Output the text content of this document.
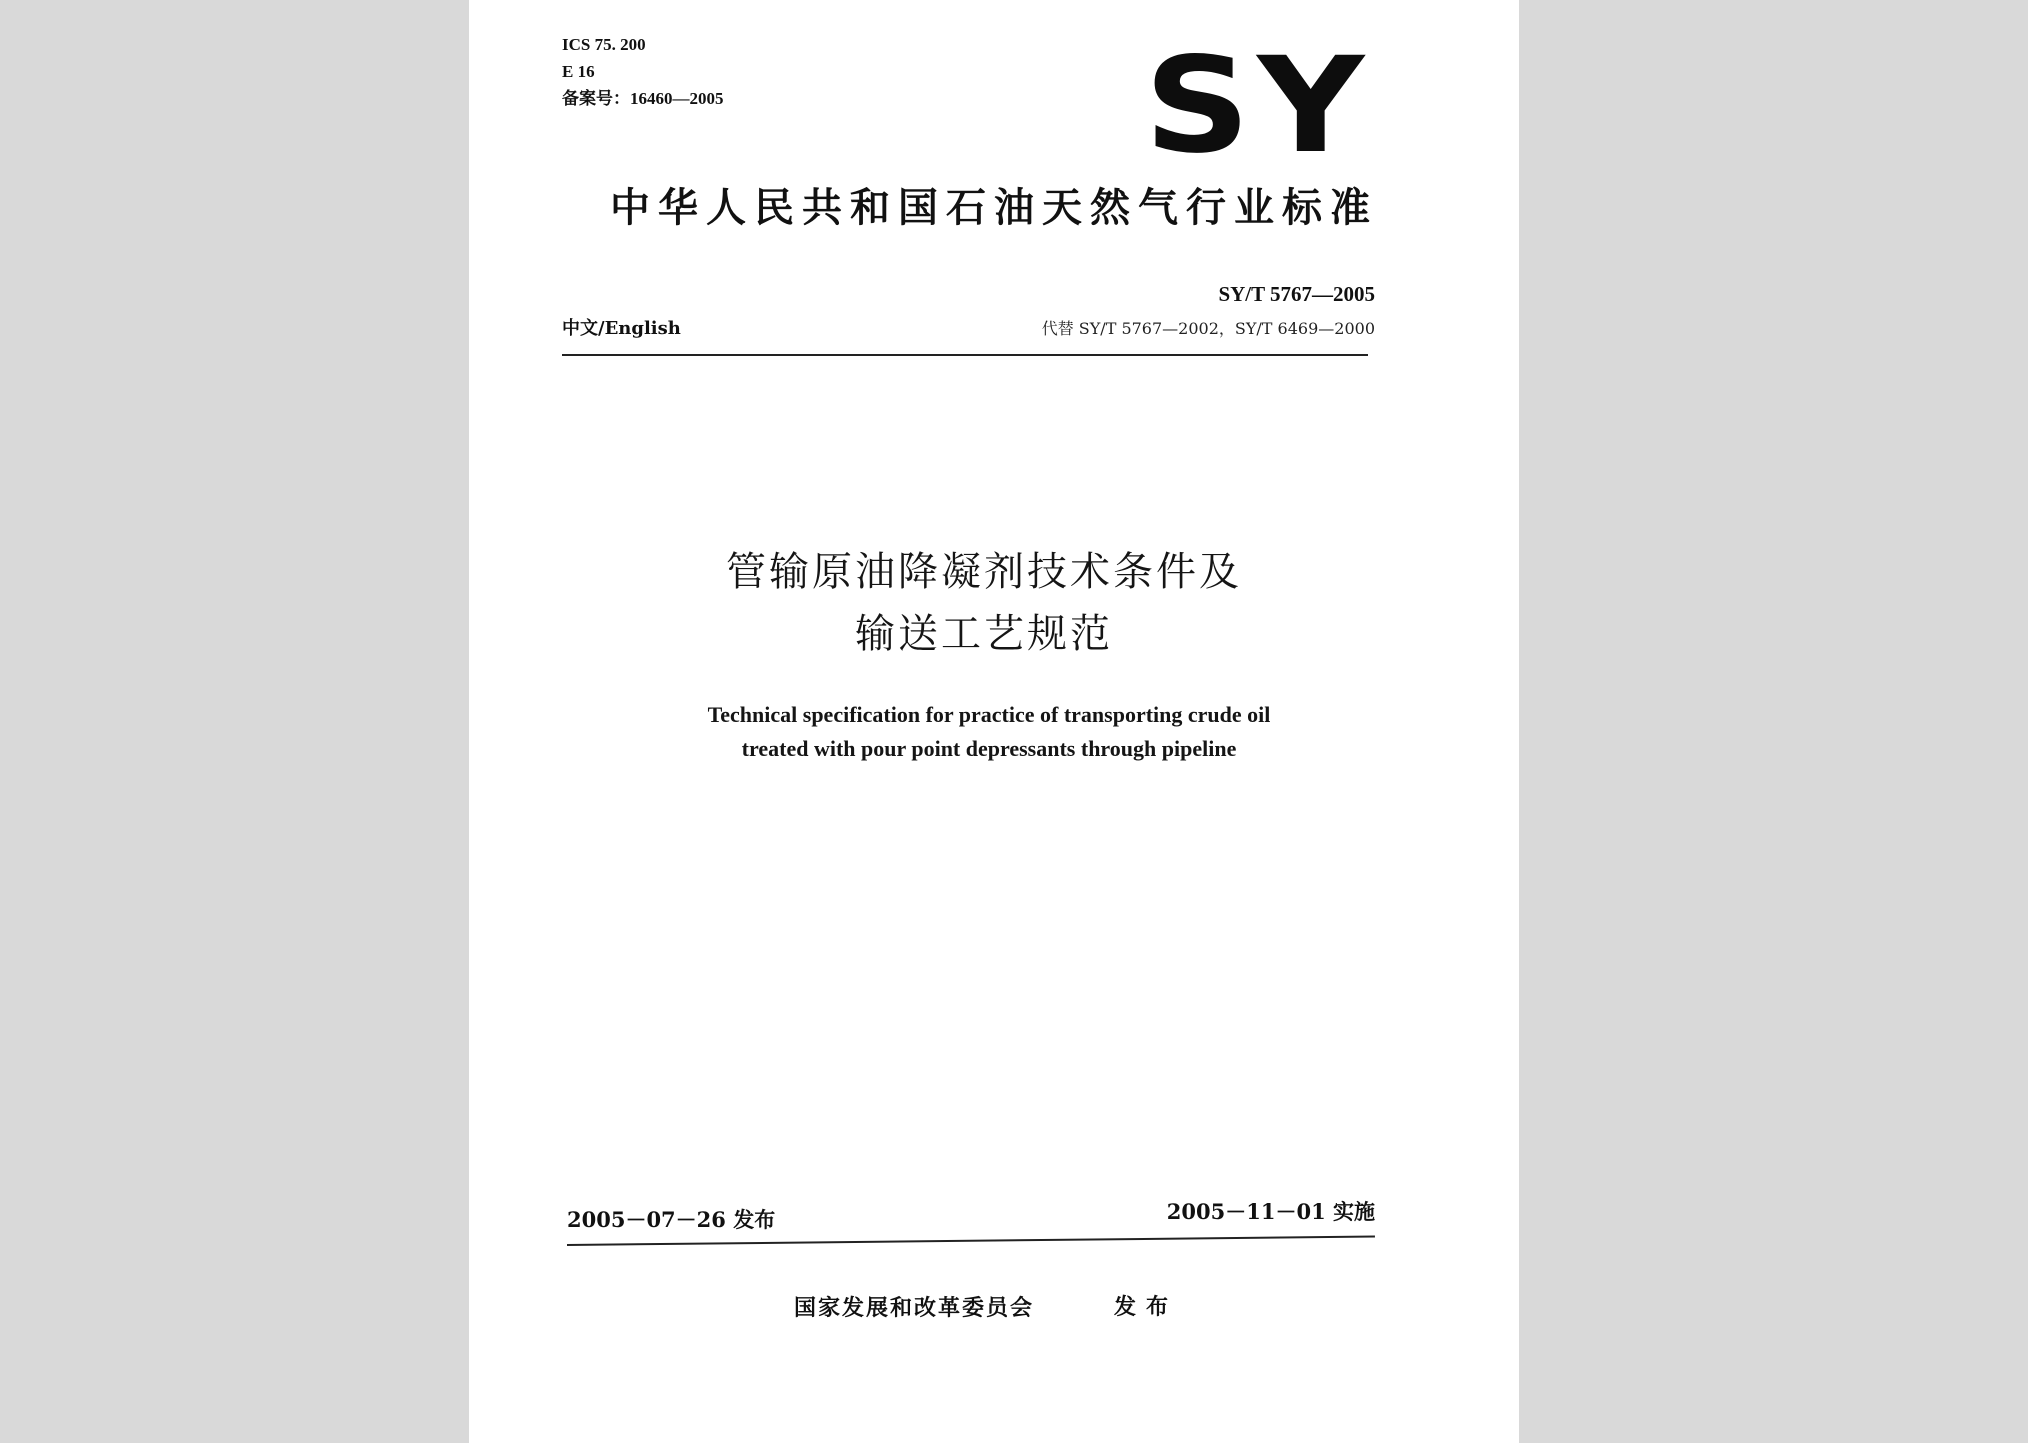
ICS 75. 200
E 16
备案号：16460—2005	SY
中华人民共和国石油天然气行业标准
SY/T 5767—2005
中文/English	代替 SY/T 5767—2002，SY/T 6469—2000
管输原油降凝剂技术条件及
输送工艺规范
Technical specification for practice of transporting crude oil
treated with pour point depressants through pipeline
2005－07－26 发布	2005－11－01 实施
国家发展和改革委员会	发布
